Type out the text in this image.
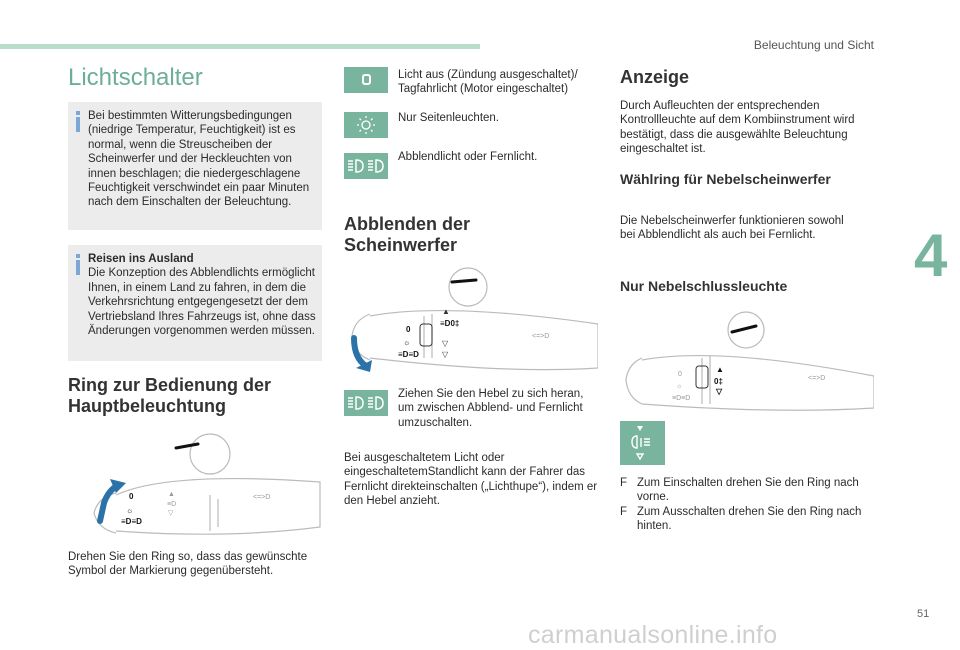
Beleuchtung und Sicht
4
Lichtschalter
Bei bestimmten Witterungsbedingungen (niedrige Temperatur, Feuchtigkeit) ist es normal, wenn die Streuscheiben der Scheinwerfer und der Heckleuchten von innen beschlagen; die niedergeschlagene Feuchtigkeit verschwindet ein paar Minuten nach dem Einschalten der Beleuchtung.
Reisen ins Ausland
Die Konzeption des Abblendlichts ermöglicht Ihnen, in einem Land zu fahren, in dem die Verkehrsrichtung entgegengesetzt der dem Vertriebsland Ihres Fahrzeugs ist, ohne dass Änderungen vorgenommen werden müssen.
Ring zur Bedienung der Hauptbeleuchtung
0
☼
≡D≡D
▲
≡D
▽
<=>D
Drehen Sie den Ring so, dass das gewünschte Symbol der Markierung gegenübersteht.
Licht aus (Zündung ausgeschaltet)/ Tagfahrlicht (Motor eingeschaltet)
Nur Seitenleuchten.
Abblendlicht oder Fernlicht.
Abblenden der Scheinwerfer
0
☼
≡D≡D
≡D0‡
▲
▽
▽
<=>D
Ziehen Sie den Hebel zu sich heran, um zwischen Abblend- und Fernlicht umzuschalten.
Bei ausgeschaltetem Licht oder eingeschaltetemStandlicht kann der Fahrer das Fernlicht direkteinschalten („Lichthupe“), indem er den Hebel anzieht.
Anzeige
Durch Aufleuchten der entsprechenden Kontrollleuchte auf dem Kombiinstrument wird bestätigt, dass die ausgewählte Beleuchtung eingeschaltet ist.
Wählring für Nebelscheinwerfer
Die Nebelscheinwerfer funktionieren sowohl bei Abblendlicht als auch bei Fernlicht.
Nur Nebelschlussleuchte
0
☼
≡D≡D
<=>D
▲
0‡
▽
F Zum Einschalten drehen Sie den Ring nach vorne.
F Zum Ausschalten drehen Sie den Ring nach hinten.
51
carmanualsonline.info
